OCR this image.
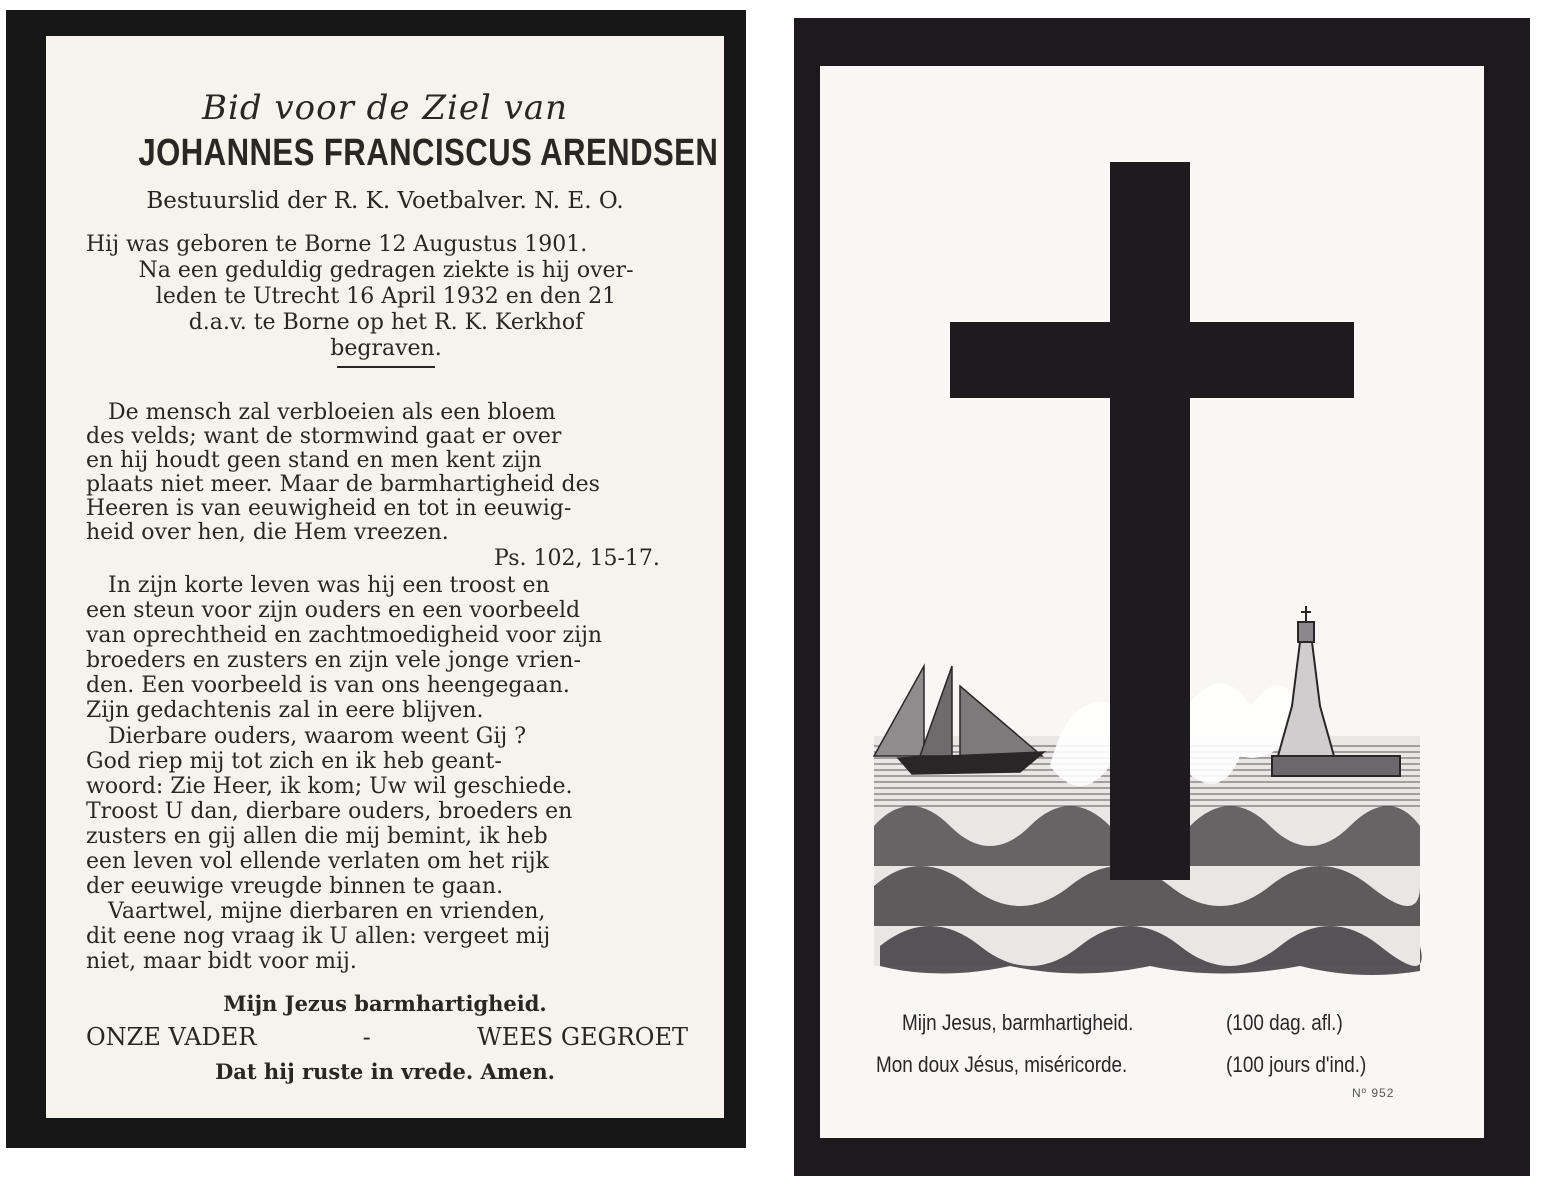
Bid voor de Ziel van
JOHANNES FRANCISCUS ARENDSEN
Bestuurslid der R. K. Voetbalver. N. E. O.
Hij was geboren te Borne 12 Augustus 1901.
Na een geduldig gedragen ziekte is hij over-
leden te Utrecht 16 April 1932 en den 21
d.a.v. te Borne op het R. K. Kerkhof
begraven.
De mensch zal verbloeien als een bloem
des velds; want de stormwind gaat er over
en hij houdt geen stand en men kent zijn
plaats niet meer. Maar de barmhartigheid des
Heeren is van eeuwigheid en tot in eeuwig-
heid over hen, die Hem vreezen.
Ps. 102, 15-17.
In zijn korte leven was hij een troost en
een steun voor zijn ouders en een voorbeeld
van oprechtheid en zachtmoedigheid voor zijn
broeders en zusters en zijn vele jonge vrien-
den. Een voorbeeld is van ons heengegaan.
Zijn gedachtenis zal in eere blijven.
Dierbare ouders, waarom weent Gij ?
God riep mij tot zich en ik heb geant-
woord: Zie Heer, ik kom; Uw wil geschiede.
Troost U dan, dierbare ouders, broeders en
zusters en gij allen die mij bemint, ik heb
een leven vol ellende verlaten om het rijk
der eeuwige vreugde binnen te gaan.
Vaartwel, mijne dierbaren en vrienden,
dit eene nog vraag ik U allen: vergeet mij
niet, maar bidt voor mij.
Mijn Jezus barmhartigheid.
ONZE VADER	-	WEES GEGROET
Dat hij ruste in vrede. Amen.
Mijn Jesus, barmhartigheid.	(100 dag. afl.)
Mon doux Jésus, miséricorde.	(100 jours d'ind.)
Nº 952
